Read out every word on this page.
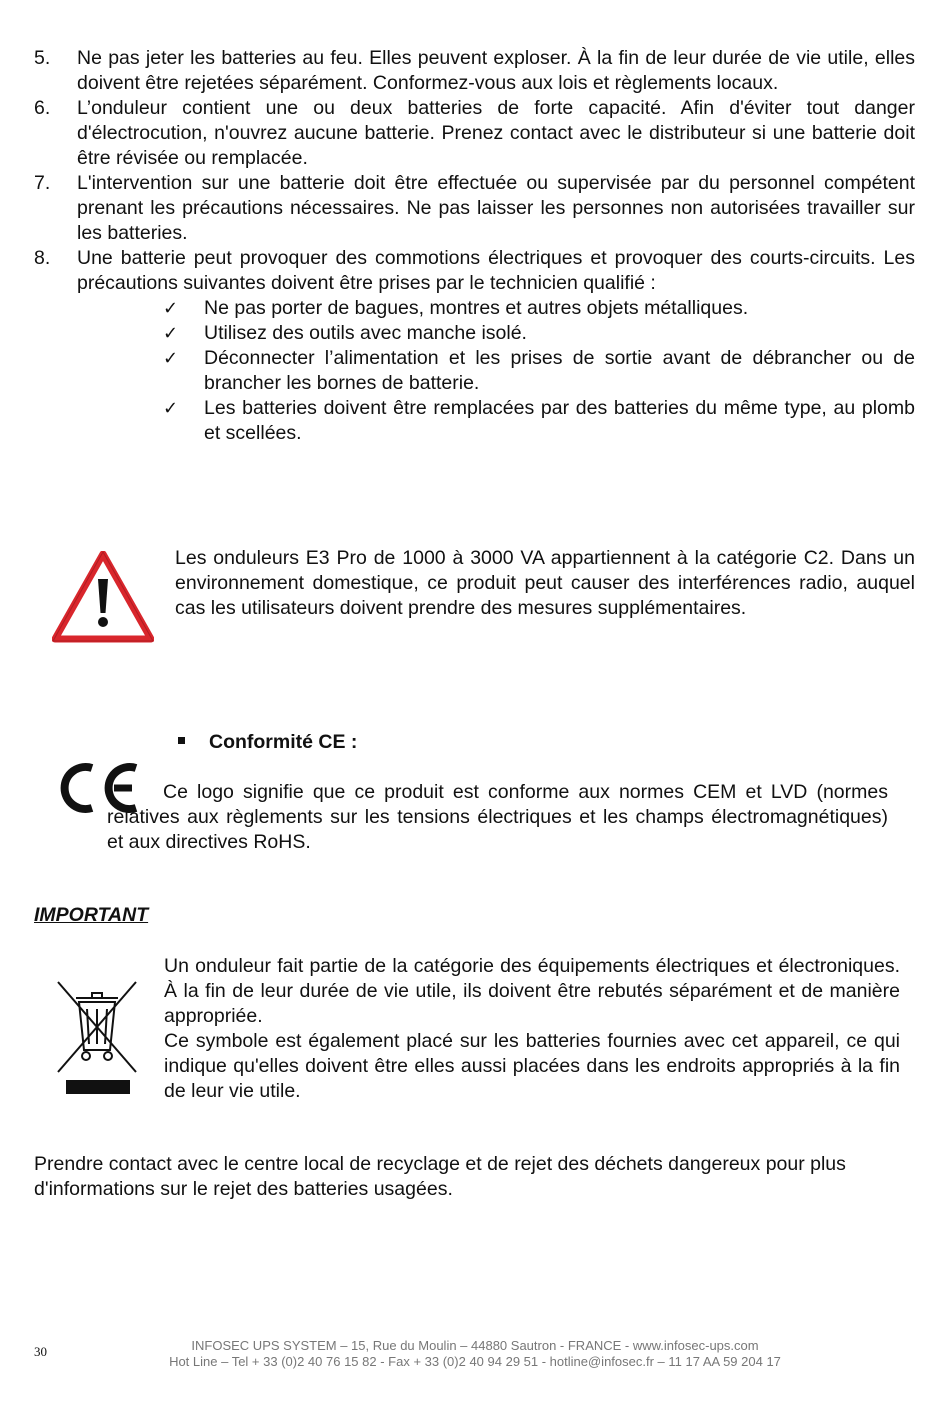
5. Ne pas jeter les batteries au feu. Elles peuvent exploser. À la fin de leur durée de vie utile, elles doivent être rejetées séparément. Conformez-vous aux lois et règlements locaux.
6. L’onduleur contient une ou deux batteries de forte capacité. Afin d'éviter tout danger d'électrocution, n'ouvrez aucune batterie. Prenez contact avec le distributeur si une batterie doit être révisée ou remplacée.
7. L'intervention sur une batterie doit être effectuée ou supervisée par du personnel compétent prenant les précautions nécessaires. Ne pas laisser les personnes non autorisées travailler sur les batteries.
8. Une batterie peut provoquer des commotions électriques et provoquer des courts-circuits. Les précautions suivantes doivent être prises par le technicien qualifié :
✓ Ne pas porter de bagues, montres et autres objets métalliques.
✓ Utilisez des outils avec manche isolé.
✓ Déconnecter l’alimentation et les prises de sortie avant de débrancher ou de brancher les bornes de batterie.
✓ Les batteries doivent être remplacées par des batteries du même type, au plomb et scellées.
Les onduleurs E3 Pro de 1000 à 3000 VA appartiennent à la catégorie C2. Dans un environnement domestique, ce produit peut causer des interférences radio, auquel cas les utilisateurs doivent prendre des mesures supplémentaires.
Conformité CE :
Ce logo signifie que ce produit est conforme aux normes CEM et LVD (normes relatives aux règlements sur les tensions électriques et les champs électromagnétiques) et aux directives RoHS.
IMPORTANT

Un onduleur fait partie de la catégorie des équipements électriques et électroniques. À la fin de leur durée de vie utile, ils doivent être rebutés séparément et de manière appropriée.

Ce symbole est également placé sur les batteries fournies avec cet appareil, ce qui indique qu'elles doivent être elles aussi placées dans les endroits appropriés à la fin de leur vie utile.

Prendre contact avec le centre local de recyclage et de rejet des déchets dangereux pour plus d'informations sur le rejet des batteries usagées.
30	INFOSEC UPS SYSTEM – 15, Rue du Moulin – 44880 Sautron - FRANCE - www.infosec-ups.com
Hot Line – Tel + 33 (0)2 40 76 15 82 - Fax + 33 (0)2 40 94 29 51 - hotline@infosec.fr – 11 17 AA 59 204 17
